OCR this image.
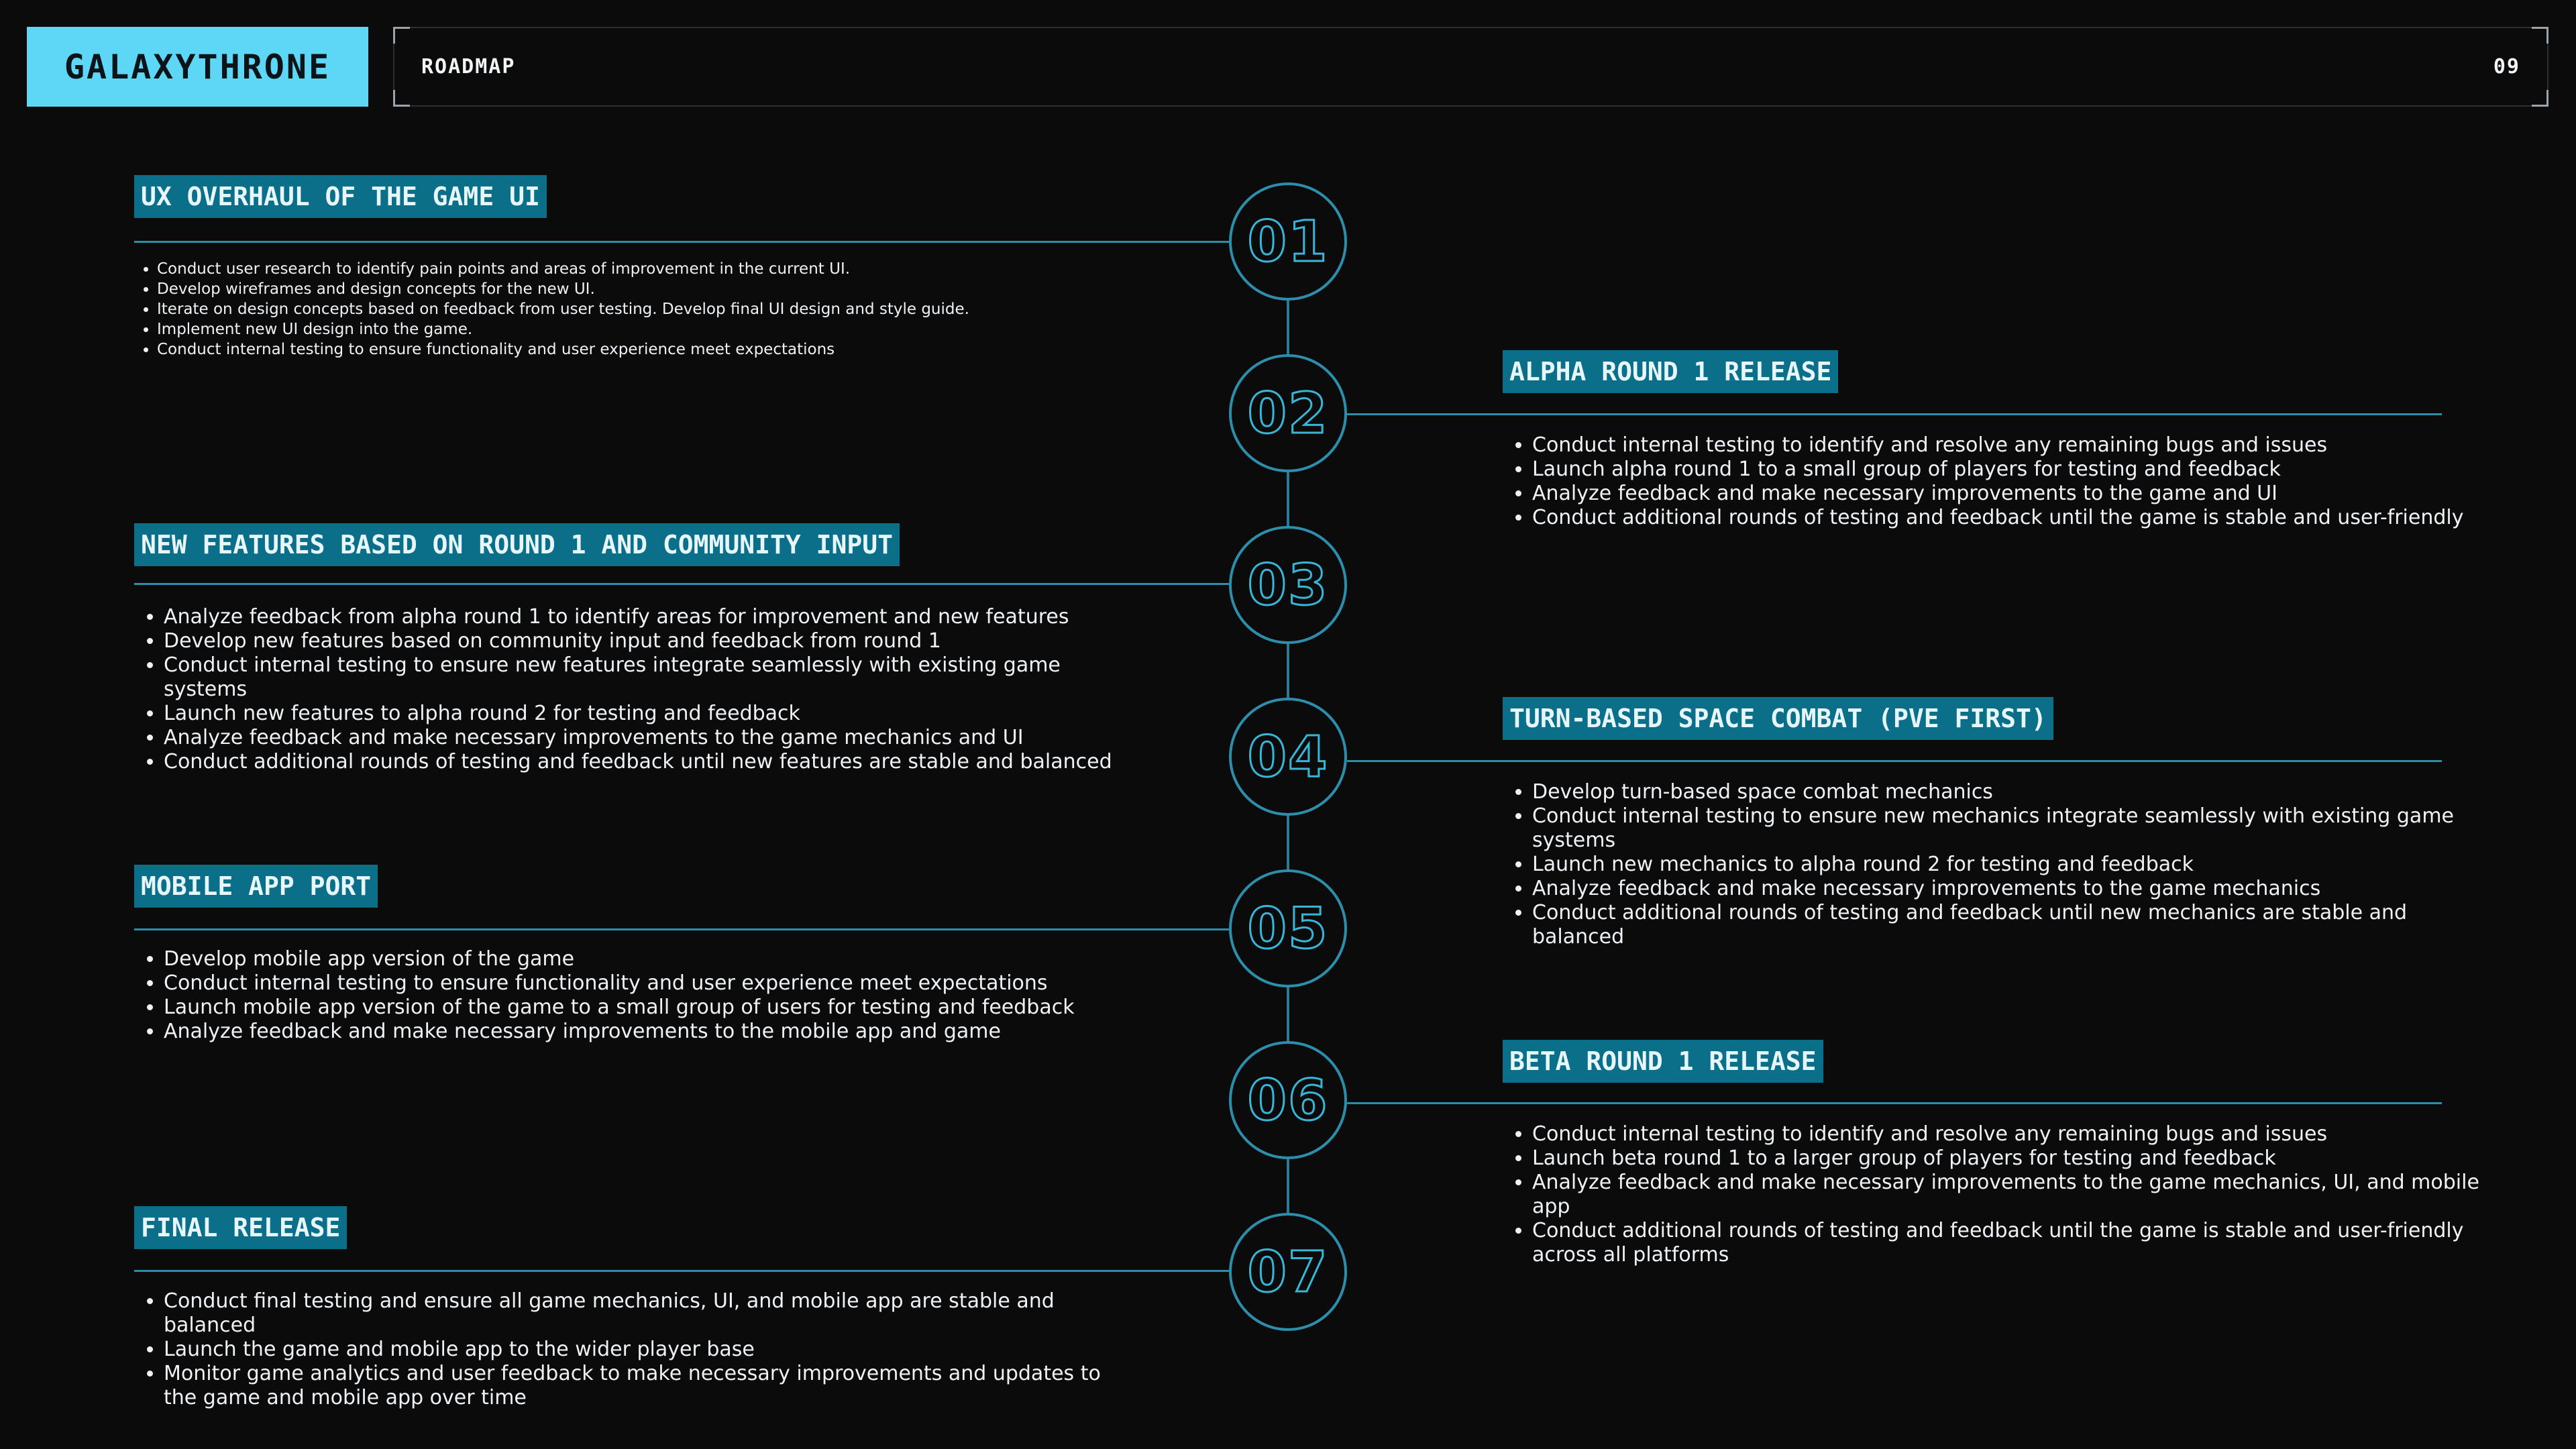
GALAXYTHRONE	ROADMAP	09
01
02
03
04
05
06
07
UX OVERHAUL OF THE GAME UI
• Conduct user research to identify pain points and areas of improvement in the current UI.
• Develop wireframes and design concepts for the new UI.
• Iterate on design concepts based on feedback from user testing. Develop final UI design and style guide.
• Implement new UI design into the game.
• Conduct internal testing to ensure functionality and user experience meet expectations
ALPHA ROUND 1 RELEASE
• Conduct internal testing to identify and resolve any remaining bugs and issues
• Launch alpha round 1 to a small group of players for testing and feedback
• Analyze feedback and make necessary improvements to the game and UI
• Conduct additional rounds of testing and feedback until the game is stable and user-friendly
NEW FEATURES BASED ON ROUND 1 AND COMMUNITY INPUT
• Analyze feedback from alpha round 1 to identify areas for improvement and new features
• Develop new features based on community input and feedback from round 1
• Conduct internal testing to ensure new features integrate seamlessly with existing game systems
• Launch new features to alpha round 2 for testing and feedback
• Analyze feedback and make necessary improvements to the game mechanics and UI
• Conduct additional rounds of testing and feedback until new features are stable and balanced
TURN-BASED SPACE COMBAT (PVE FIRST)
• Develop turn-based space combat mechanics
• Conduct internal testing to ensure new mechanics integrate seamlessly with existing game systems
• Launch new mechanics to alpha round 2 for testing and feedback
• Analyze feedback and make necessary improvements to the game mechanics
• Conduct additional rounds of testing and feedback until new mechanics are stable and balanced
MOBILE APP PORT
• Develop mobile app version of the game
• Conduct internal testing to ensure functionality and user experience meet expectations
• Launch mobile app version of the game to a small group of users for testing and feedback
• Analyze feedback and make necessary improvements to the mobile app and game
BETA ROUND 1 RELEASE
• Conduct internal testing to identify and resolve any remaining bugs and issues
• Launch beta round 1 to a larger group of players for testing and feedback
• Analyze feedback and make necessary improvements to the game mechanics, UI, and mobile app
• Conduct additional rounds of testing and feedback until the game is stable and user-friendly across all platforms
FINAL RELEASE
• Conduct final testing and ensure all game mechanics, UI, and mobile app are stable and balanced
• Launch the game and mobile app to the wider player base
• Monitor game analytics and user feedback to make necessary improvements and updates to the game and mobile app over time
